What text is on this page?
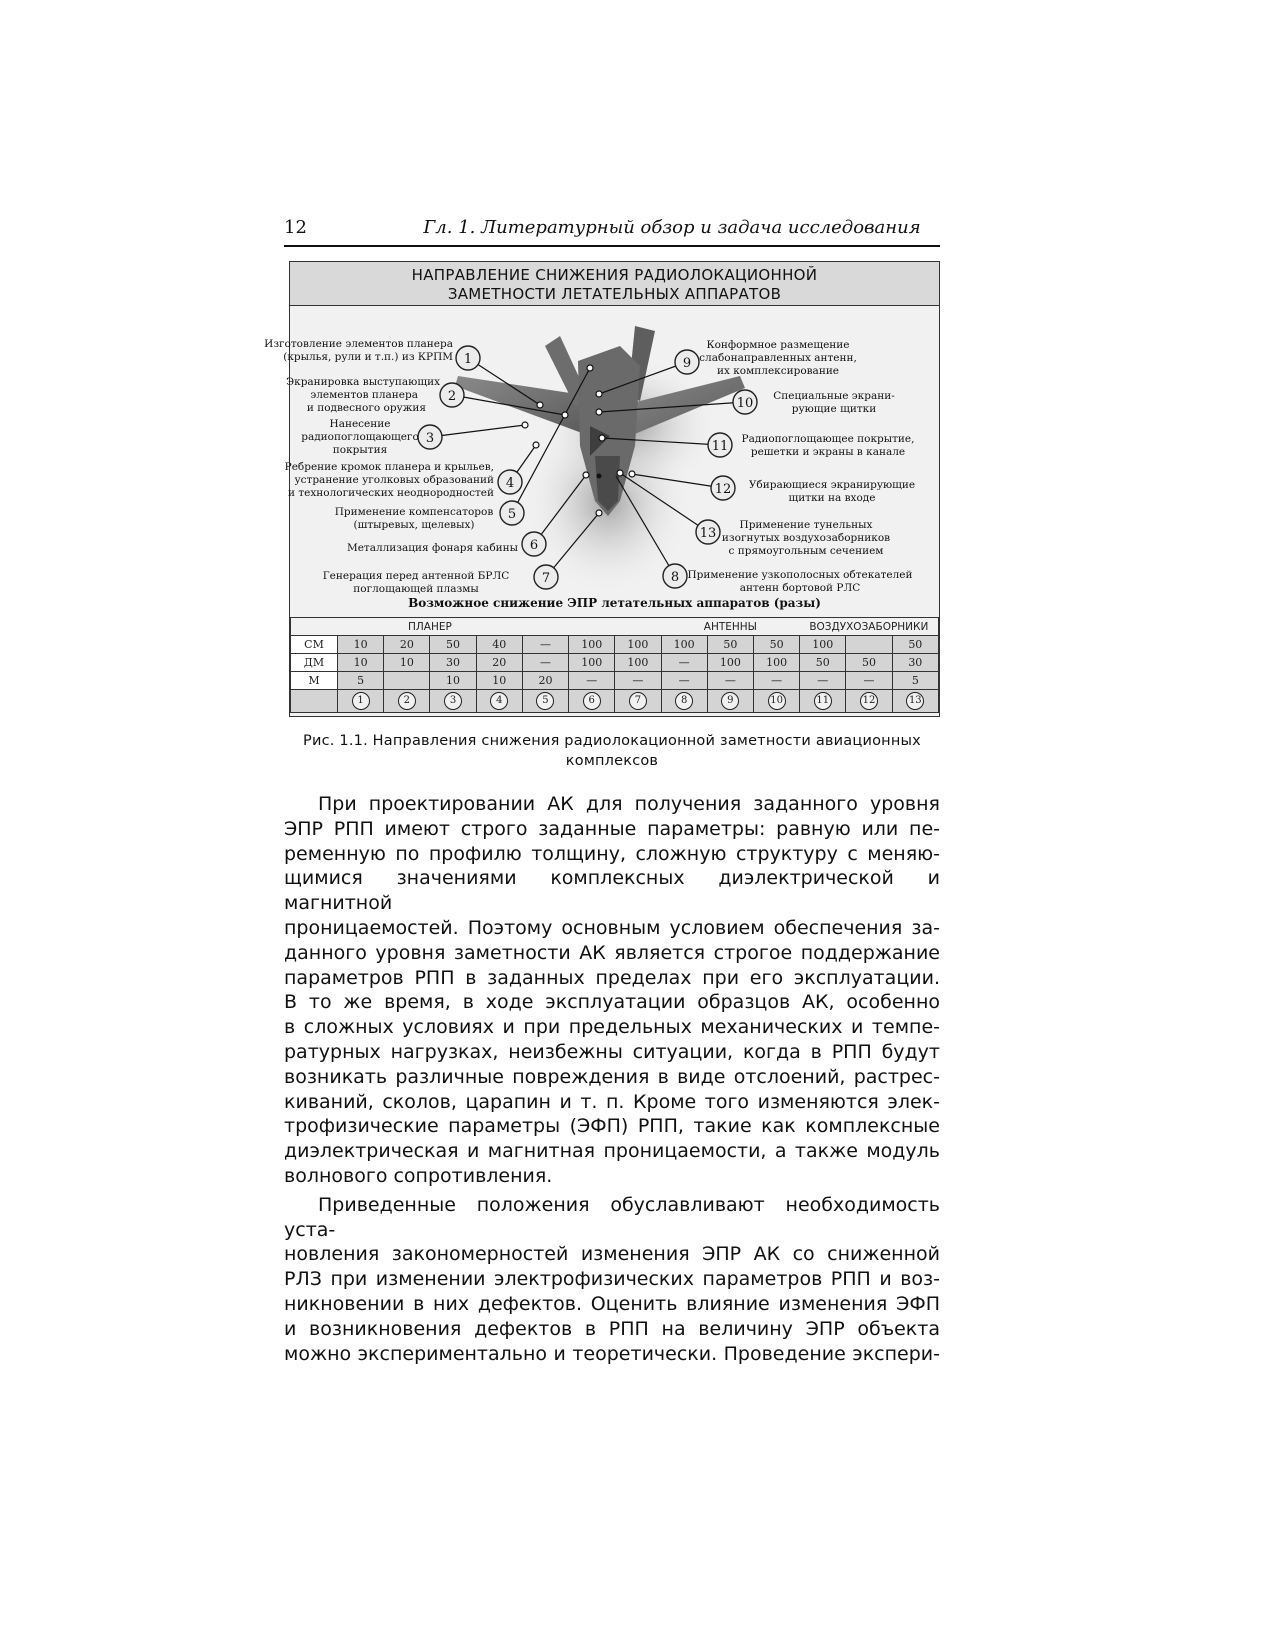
12	Гл. 1. Литературный обзор и задача исследования
НАПРАВЛЕНИЕ СНИЖЕНИЯ РАДИОЛОКАЦИОННОЙ
ЗАМЕТНОСТИ ЛЕТАТЕЛЬНЫХ АППАРАТОВ
1
Изготовление элементов планера
(крылья, рули и т.п.) из КРПМ
2
Экранировка выступающих
элементов планера
и подвесного оружия
3
Нанесение
радиопоглощающего
покрытия
4
Ребрение кромок планера и крыльев,
устранение уголковых образований
и технологических неоднородностей
5
Применение компенсаторов
(штыревых, щелевых)
6
Металлизация фонаря кабины
7
Генерация перед антенной БРЛС
поглощающей плазмы
8 Применение узкополосных обтекателей
антенн бортовой РЛС
9
Конформное размещение
слабонаправленных антенн,
их комплексирование
10 Специальные экрани-
рующие щитки
11 Радиопоглощающее покрытие,
решетки и экраны в канале
12 Убирающиеся экранирующие
щитки на входе
13
Применение тунельных
изогнутых воздухозаборников
с прямоугольным сечением
Возможное снижение ЭПР летательных аппаратов (разы)
	ПЛАНЕР							АНТЕННЫ			ВОЗДУХОЗАБОРНИКИ		
СМ	10	20	50	40	—	100	100	100	50	50	100		50
ДМ	10	10	30	20	—	100	100	—	100	100	50	50	30
М	5		10	10	20	—	—	—	—	—	—	—	5
	1	2	3	4	5	6	7	8	9	10	11	12	13
Рис. 1.1. Направления снижения радиолокационной заметности авиационных
комплексов

При проектировании АК для получения заданного уровня
ЭПР РПП имеют строго заданные параметры: равную или пе-
ременную по профилю толщину, сложную структуру с меняю-
щимися значениями комплексных диэлектрической и магнитной
проницаемостей. Поэтому основным условием обеспечения за-
данного уровня заметности АК является строгое поддержание
параметров РПП в заданных пределах при его эксплуатации.
В то же время, в ходе эксплуатации образцов АК, особенно
в сложных условиях и при предельных механических и темпе-
ратурных нагрузках, неизбежны ситуации, когда в РПП будут
возникать различные повреждения в виде отслоений, растрес-
киваний, сколов, царапин и т. п. Кроме того изменяются элек-
трофизические параметры (ЭФП) РПП, такие как комплексные
диэлектрическая и магнитная проницаемости, а также модуль
волнового сопротивления.

Приведенные положения обуславливают необходимость уста-
новления закономерностей изменения ЭПР АК со сниженной
РЛЗ при изменении электрофизических параметров РПП и воз-
никновении в них дефектов. Оценить влияние изменения ЭФП
и возникновения дефектов в РПП на величину ЭПР объекта
можно экспериментально и теоретически. Проведение экспери-
